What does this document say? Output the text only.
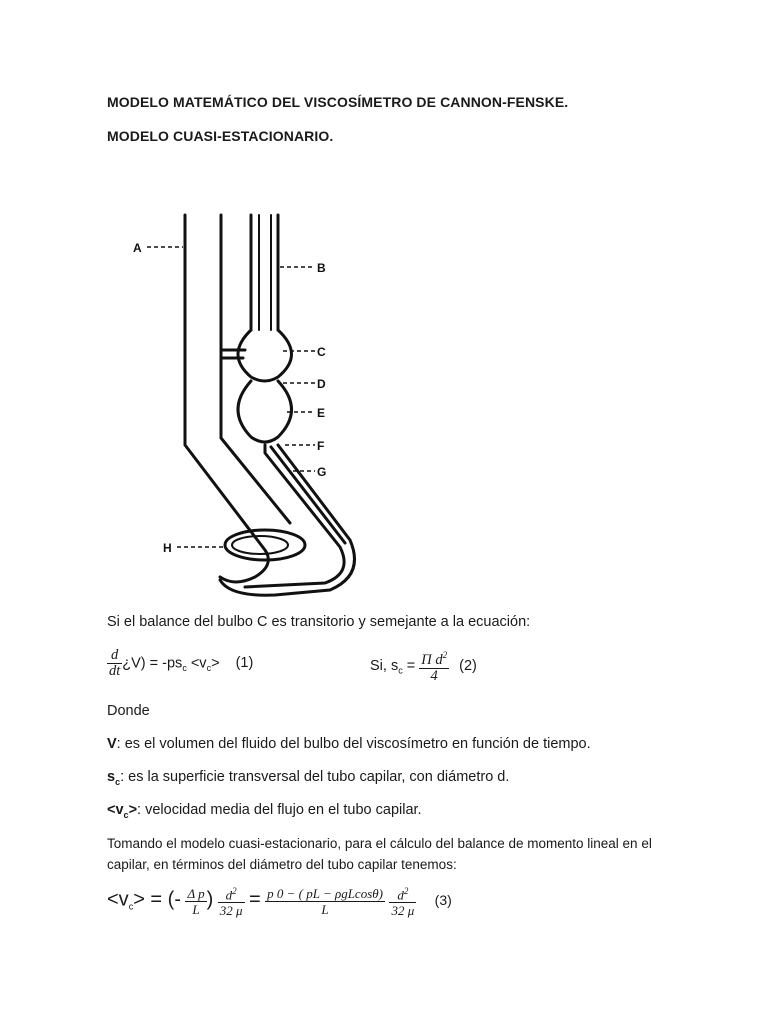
MODELO MATEMÁTICO DEL VISCOSÍMETRO DE CANNON-FENSKE.
MODELO CUASI-ESTACIONARIO.
A
B
C
D
E
F
G
H
Si el balance del bulbo C es transitorio y semejante a la ecuación:
$\frac{d}{dt}$ ¿$V) = -ps_c <v_c> (1)$	Si, $s_c = \frac{\Pi d^2}{4} (2)$
Donde
V: es el volumen del fluido del bulbo del viscosímetro en función de tiempo.
$s_c$: es la superficie transversal del tubo capilar, con diámetro d.
$<v_c>$: velocidad media del flujo en el tubo capilar.
Tomando el modelo cuasi-estacionario, para el cálculo del balance de momento lineal en el capilar, en términos del diámetro del tubo capilar tenemos:
$<v_c>$ = (- $\frac{\text{Δ p}}{L}$ ) $\frac{d^2}{32 \mu} = \frac{\text{p 0 − ( pL − ρgLcosθ)}}{L}$
$\frac{d^2}{32 \mu} (3)$
